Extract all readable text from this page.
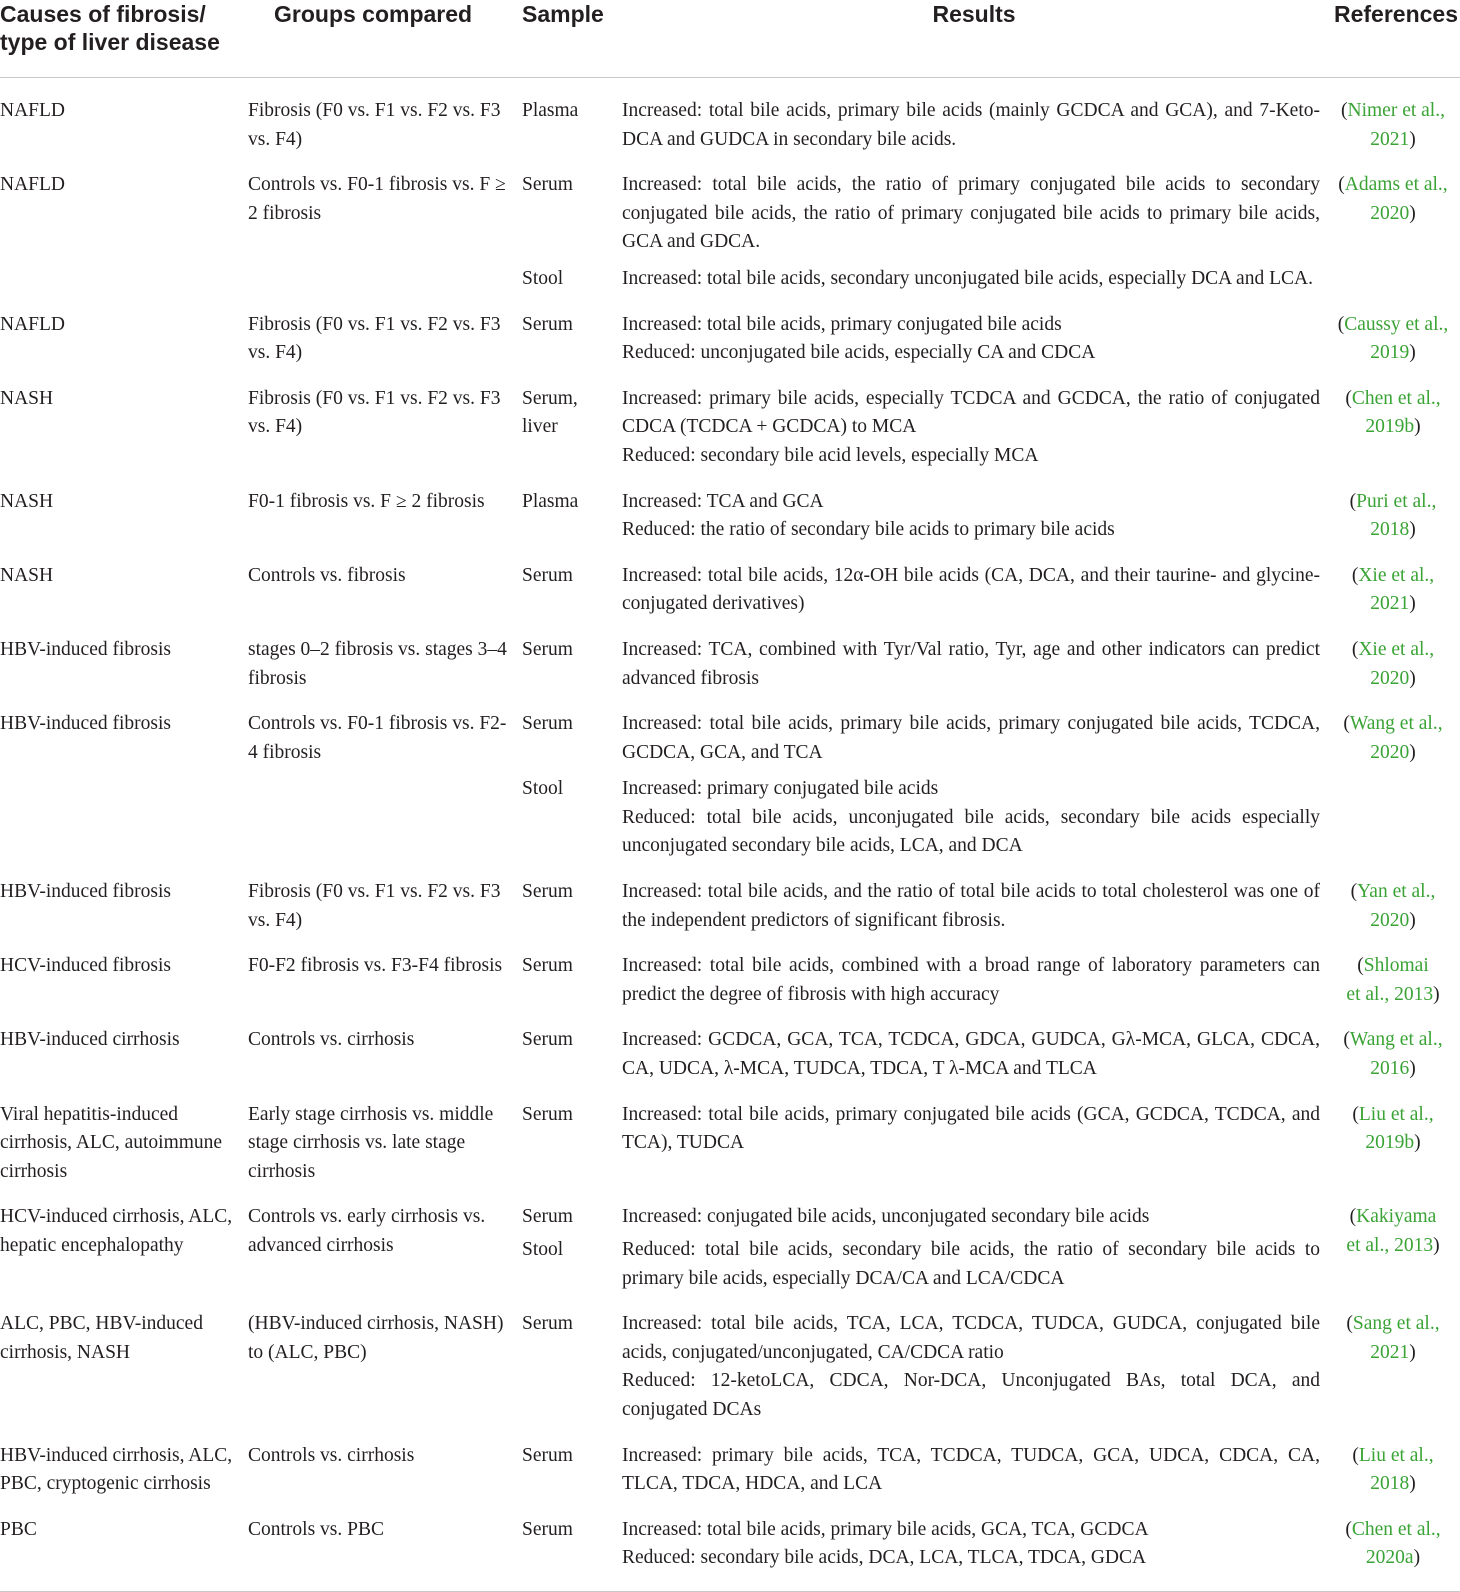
Causes of fibrosis/
type of liver disease	Groups compared	Sample	Results	References
NAFLD	Fibrosis (F0 vs. F1 vs. F2 vs. F3 vs. F4)	Plasma	Increased: total bile acids, primary bile acids (mainly GCDCA and GCA), and 7-Keto-DCA and GUDCA in secondary bile acids.	(Nimer et al.,
2021)

NAFLD	Controls vs. F0-1 fibrosis vs. F ≥ 2 fibrosis	Serum	Increased: total bile acids, the ratio of primary conjugated bile acids to secondary conjugated bile acids, the ratio of primary conjugated bile acids to primary bile acids, GCA and GDCA.	(Adams et al.,
2020)

		Stool	Increased: total bile acids, secondary unconjugated bile acids, especially DCA and LCA.	

NAFLD	Fibrosis (F0 vs. F1 vs. F2 vs. F3 vs. F4)	Serum	Increased: total bile acids, primary conjugated bile acids
Reduced: unconjugated bile acids, especially CA and CDCA	(Caussy et al.,
2019)

NASH	Fibrosis (F0 vs. F1 vs. F2 vs. F3 vs. F4)	Serum, liver	Increased: primary bile acids, especially TCDCA and GCDCA, the ratio of conjugated CDCA (TCDCA + GCDCA) to MCA
Reduced: secondary bile acid levels, especially MCA	(Chen et al.,
2019b)

NASH	F0-1 fibrosis vs. F ≥ 2 fibrosis	Plasma	Increased: TCA and GCA
Reduced: the ratio of secondary bile acids to primary bile acids	(Puri et al.,
2018)

NASH	Controls vs. fibrosis	Serum	Increased: total bile acids, 12α-OH bile acids (CA, DCA, and their taurine- and glycine-conjugated derivatives)	(Xie et al.,
2021)

HBV-induced fibrosis	stages 0–2 fibrosis vs. stages 3–4 fibrosis	Serum	Increased: TCA, combined with Tyr/Val ratio, Tyr, age and other indicators can predict advanced fibrosis	(Xie et al.,
2020)

HBV-induced fibrosis	Controls vs. F0-1 fibrosis vs. F2-4 fibrosis	Serum	Increased: total bile acids, primary bile acids, primary conjugated bile acids, TCDCA, GCDCA, GCA, and TCA	(Wang et al.,
2020)

		Stool	Increased: primary conjugated bile acids
Reduced: total bile acids, unconjugated bile acids, secondary bile acids especially unconjugated secondary bile acids, LCA, and DCA	

HBV-induced fibrosis	Fibrosis (F0 vs. F1 vs. F2 vs. F3 vs. F4)	Serum	Increased: total bile acids, and the ratio of total bile acids to total cholesterol was one of the independent predictors of significant fibrosis.	(Yan et al.,
2020)

HCV-induced fibrosis	F0-F2 fibrosis vs. F3-F4 fibrosis	Serum	Increased: total bile acids, combined with a broad range of laboratory parameters can predict the degree of fibrosis with high accuracy	(Shlomai
et al., 2013)

HBV-induced cirrhosis	Controls vs. cirrhosis	Serum	Increased: GCDCA, GCA, TCA, TCDCA, GDCA, GUDCA, Gλ-MCA, GLCA, CDCA, CA, UDCA, λ-MCA, TUDCA, TDCA, T λ-MCA and TLCA	(Wang et al.,
2016)

Viral hepatitis-induced cirrhosis, ALC, autoimmune cirrhosis	Early stage cirrhosis vs. middle stage cirrhosis vs. late stage cirrhosis	Serum	Increased: total bile acids, primary conjugated bile acids (GCA, GCDCA, TCDCA, and TCA), TUDCA	(Liu et al.,
2019b)

HCV-induced cirrhosis, ALC, hepatic encephalopathy	Controls vs. early cirrhosis vs. advanced cirrhosis	Serum	Increased: conjugated bile acids, unconjugated secondary bile acids	(Kakiyama
et al., 2013)

		Stool	Reduced: total bile acids, secondary bile acids, the ratio of secondary bile acids to primary bile acids, especially DCA/CA and LCA/CDCA	

ALC, PBC, HBV-induced cirrhosis, NASH	(HBV-induced cirrhosis, NASH) to (ALC, PBC)	Serum	Increased: total bile acids, TCA, LCA, TCDCA, TUDCA, GUDCA, conjugated bile acids, conjugated/unconjugated, CA/CDCA ratio
Reduced: 12-ketoLCA, CDCA, Nor-DCA, Unconjugated BAs, total DCA, and conjugated DCAs	(Sang et al.,
2021)

HBV-induced cirrhosis, ALC, PBC, cryptogenic cirrhosis	Controls vs. cirrhosis	Serum	Increased: primary bile acids, TCA, TCDCA, TUDCA, GCA, UDCA, CDCA, CA, TLCA, TDCA, HDCA, and LCA	(Liu et al.,
2018)

PBC	Controls vs. PBC	Serum	Increased: total bile acids, primary bile acids, GCA, TCA, GCDCA
Reduced: secondary bile acids, DCA, LCA, TLCA, TDCA, GDCA	(Chen et al.,
2020a)
